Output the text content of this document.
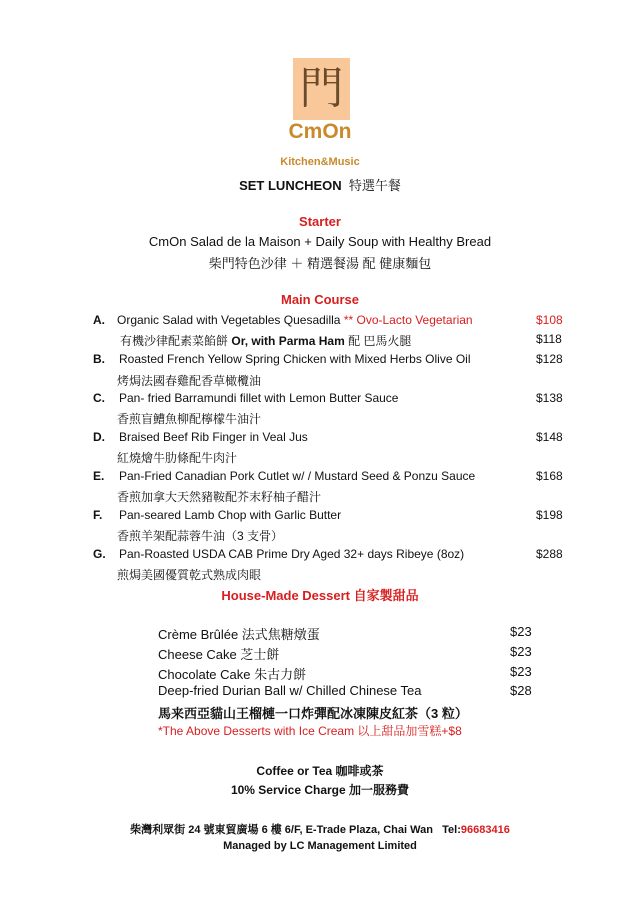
門
CmOn
Kitchen&Music
SET LUNCHEON 特選午餐
Starter
CmOn Salad de la Maison + Daily Soup with Healthy Bread
柴門特色沙律 ＋ 精選餐湯 配 健康麵包
Main Course
A. Organic Salad with Vegetables Quesadilla ** Ovo-Lacto Vegetarian	$108
有機沙律配素菜餡餅 Or, with Parma Ham 配 巴馬火腿	$118
B. Roasted French Yellow Spring Chicken with Mixed Herbs Olive Oil	$128
烤焗法國春雞配香草橄欖油
C. Pan- fried Barramundi fillet with Lemon Butter Sauce	$138
香煎盲鰽魚柳配檸檬牛油汁
D. Braised Beef Rib Finger in Veal Jus	$148
紅燒燴牛肋條配牛肉汁
E. Pan-Fried Canadian Pork Cutlet w/ / Mustard Seed & Ponzu Sauce	$168
香煎加拿大天然豬鞍配芥末籽柚子醋汁
F. Pan-seared Lamb Chop with Garlic Butter	$198
香煎羊架配蒜蓉牛油（3 支骨）
G. Pan-Roasted USDA CAB Prime Dry Aged 32+ days Ribeye (8oz)	$288
煎焗美國優質乾式熟成肉眼
House-Made Dessert 自家製甜品
Crème Brûlée 法式焦糖燉蛋	$23
Cheese Cake 芝士餅	$23
Chocolate Cake 朱古力餅	$23
Deep-fried Durian Ball w/ Chilled Chinese Tea	$28
馬来西亞貓山王榴槤一口炸彈配冰凍陳皮紅茶（3 粒）
*The Above Desserts with Ice Cream 以上甜品加雪糕+$8
Coffee or Tea 咖啡或茶
10% Service Charge 加一服務費
柴灣利眾街 24 號東貿廣場 6 樓 6/F, E-Trade Plaza, Chai Wan Tel:96683416
Managed by LC Management Limited
